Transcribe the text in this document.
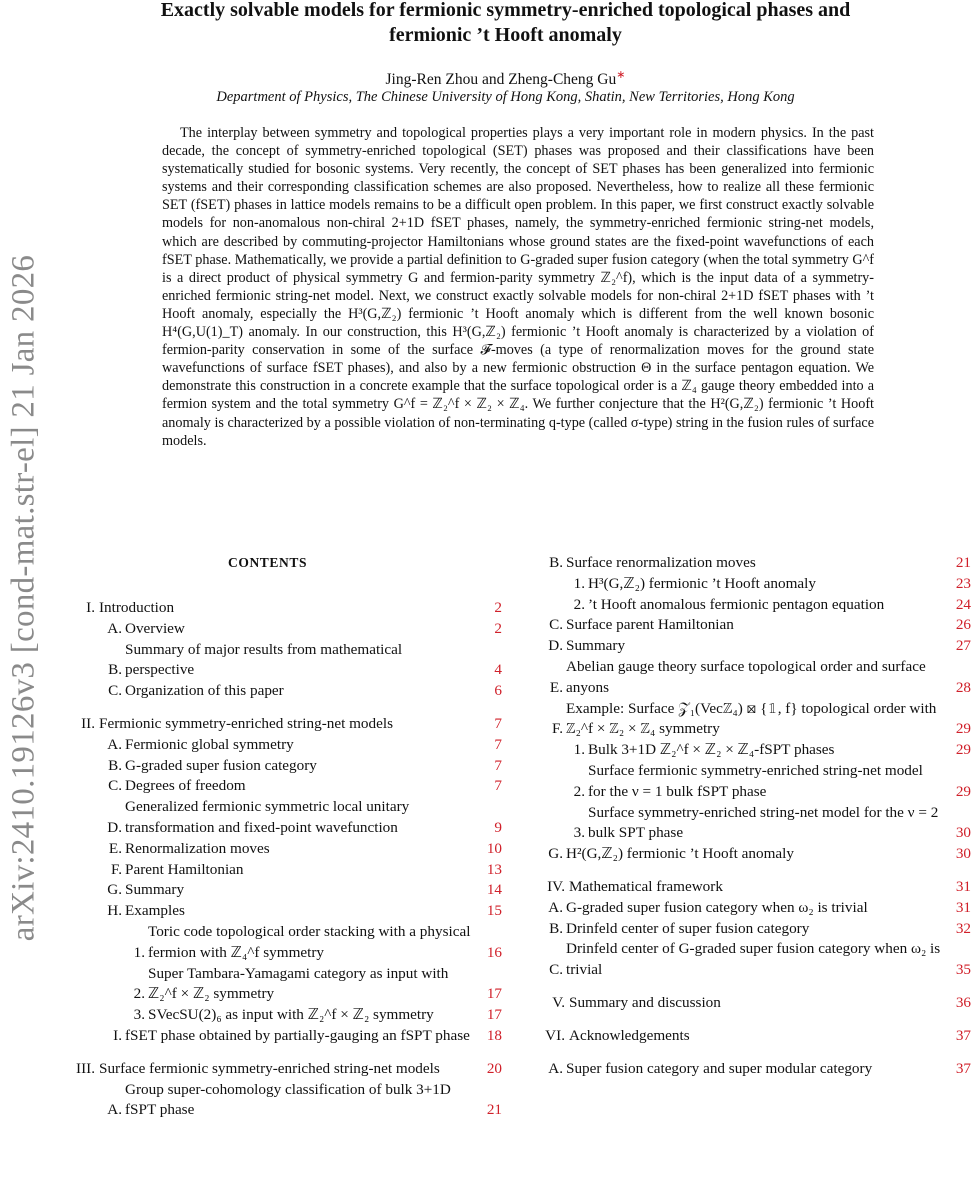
arXiv:2410.19126v3 [cond-mat.str-el] 21 Jan 2026
Exactly solvable models for fermionic symmetry-enriched topological phases and
fermionic ’t Hooft anomaly
Jing-Ren Zhou and Zheng-Cheng Gu∗
Department of Physics, The Chinese University of Hong Kong, Shatin, New Territories, Hong Kong

The interplay between symmetry and topological properties plays a very important role in modern physics. In the past decade, the concept of symmetry-enriched topological (SET) phases was proposed and their classifications have been systematically studied for bosonic systems. Very recently, the concept of SET phases has been generalized into fermionic systems and their corresponding classification schemes are also proposed. Nevertheless, how to realize all these fermionic SET (fSET) phases in lattice models remains to be a difficult open problem. In this paper, we first construct exactly solvable models for non-anomalous non-chiral 2+1D fSET phases, namely, the symmetry-enriched fermionic string-net models, which are described by commuting-projector Hamiltonians whose ground states are the fixed-point wavefunctions of each fSET phase. Mathematically, we provide a partial definition to G-graded super fusion category (when the total symmetry G^f is a direct product of physical symmetry G and fermion-parity symmetry ℤ₂^f), which is the input data of a symmetry-enriched fermionic string-net model. Next, we construct exactly solvable models for non-chiral 2+1D fSET phases with ’t Hooft anomaly, especially the H³(G,ℤ₂) fermionic ’t Hooft anomaly which is different from the well known bosonic H⁴(G,U(1)_T) anomaly. In our construction, this H³(G,ℤ₂) fermionic ’t Hooft anomaly is characterized by a violation of fermion-parity conservation in some of the surface 𝓕-moves (a type of renormalization moves for the ground state wavefunctions of surface fSET phases), and also by a new fermionic obstruction Θ in the surface pentagon equation. We demonstrate this construction in a concrete example that the surface topological order is a ℤ₄ gauge theory embedded into a fermion system and the total symmetry G^f = ℤ₂^f × ℤ₂ × ℤ₄. We further conjecture that the H²(G,ℤ₂) fermionic ’t Hooft anomaly is characterized by a possible violation of non-terminating q-type (called σ-type) string in the fusion rules of surface models.

CONTENTS
I. Introduction	2
A. Overview	2
B.
Summary of major results from mathematical perspective	4
C. Organization of this paper	6
II. Fermionic symmetry-enriched string-net models	7
A. Fermionic global symmetry	7
B. G-graded super fusion category	7
C. Degrees of freedom	7
D.
Generalized fermionic symmetric local unitary transformation and fixed-point wavefunction	9
E. Renormalization moves	10
F. Parent Hamiltonian	13
G. Summary	14
H. Examples	15
1.
Toric code topological order stacking with a physical fermion with ℤ₄^f symmetry	16
2.
Super Tambara-Yamagami category as input with ℤ₂^f × ℤ₂ symmetry	17
3. SVecSU(2)₆ as input with ℤ₂^f × ℤ₂ symmetry	17
I. fSET phase obtained by partially-gauging an fSPT phase	18
III. Surface fermionic symmetry-enriched string-net models	20
A.
Group super-cohomology classification of bulk 3+1D fSPT phase	21
B. Surface renormalization moves	21
1. H³(G,ℤ₂) fermionic ’t Hooft anomaly	23
2. ’t Hooft anomalous fermionic pentagon equation	24
C. Surface parent Hamiltonian	26
D. Summary	27
E.
Abelian gauge theory surface topological order and surface anyons	28
F.
Example: Surface 𝒵₁(Vecℤ₄) ⊠ {𝟙, f} topological order with ℤ₂^f × ℤ₂ × ℤ₄ symmetry	29
1. Bulk 3+1D ℤ₂^f × ℤ₂ × ℤ₄-fSPT phases	29
2.
Surface fermionic symmetry-enriched string-net model for the ν = 1 bulk fSPT phase	29
3.
Surface symmetry-enriched string-net model for the ν = 2 bulk SPT phase	30
G. H²(G,ℤ₂) fermionic ’t Hooft anomaly	30
IV. Mathematical framework	31
A. G-graded super fusion category when ω₂ is trivial	31
B. Drinfeld center of super fusion category	32
C.
Drinfeld center of G-graded super fusion category when ω₂ is trivial	35
V. Summary and discussion	36
VI. Acknowledgements	37
A. Super fusion category and super modular category	37
